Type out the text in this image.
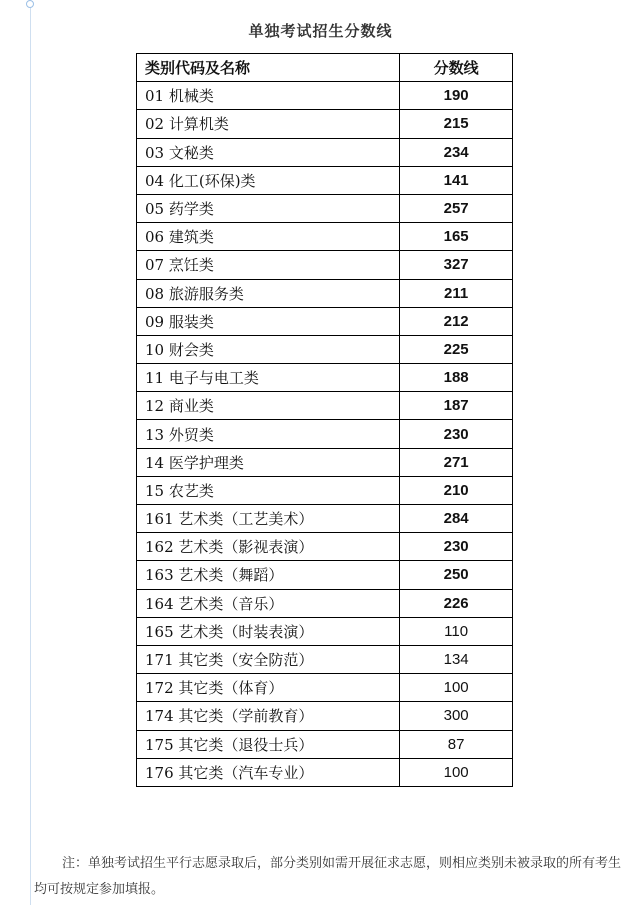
单独考试招生分数线
类别代码及名称	分数线
01 机械类	190
02 计算机类	215
03 文秘类	234
04 化工(环保)类	141
05 药学类	257
06 建筑类	165
07 烹饪类	327
08 旅游服务类	211
09 服装类	212
10 财会类	225
11 电子与电工类	188
12 商业类	187
13 外贸类	230
14 医学护理类	271
15 农艺类	210
161 艺术类（工艺美术）	284
162 艺术类（影视表演）	230
163 艺术类（舞蹈）	250
164 艺术类（音乐）	226
165 艺术类（时装表演）	110
171 其它类（安全防范）	134
172 其它类（体育）	100
174 其它类（学前教育）	300
175 其它类（退役士兵）	87
176 其它类（汽车专业）	100
注：单独考试招生平行志愿录取后，部分类别如需开展征求志愿，则相应类别未被录取的所有考生均可按规定参加填报。
